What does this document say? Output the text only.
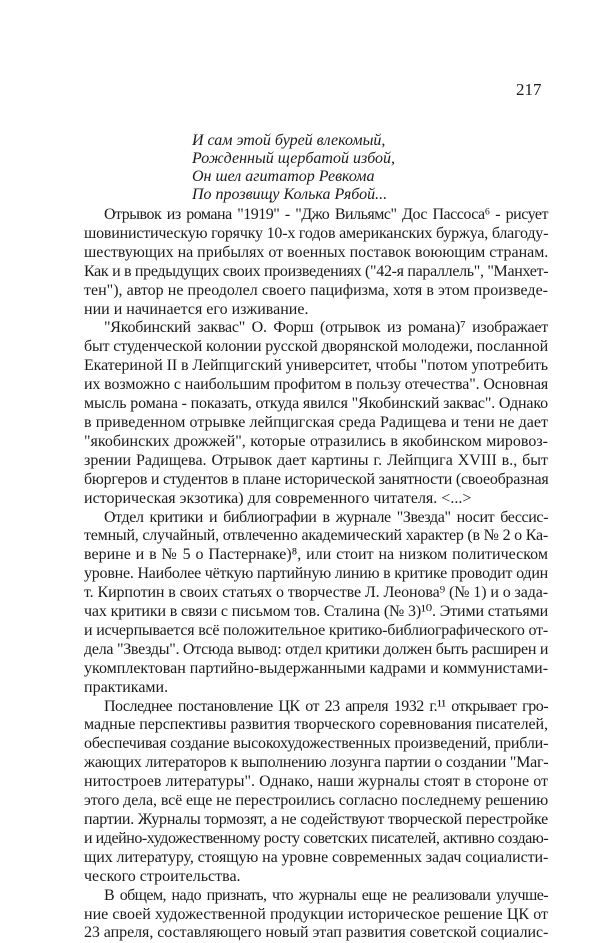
217
И сам этой бурей влекомый,
Рожденный щербатой избой,
Он шел агитатор Ревкома
По прозвищу Колька Рябой...

Отрывок из романа "1919" - "Джо Вильямс" Дос Пассоса⁶ - рисует
шовинистическую горячку 10-х годов американских буржуа, благоду-
шествующих на прибылях от военных поставок воюющим странам.
Как и в предыдущих своих произведениях ("42-я параллель", "Манхет-
тен"), автор не преодолел своего пацифизма, хотя в этом произведе-
нии и начинается его изживание.

"Якобинский заквас" О. Форш (отрывок из романа)⁷ изображает
быт студенческой колонии русской дворянской молодежи, посланной
Екатериной II в Лейпцигский университет, чтобы "потом употребить
их возможно с наибольшим профитом в пользу отечества". Основная
мысль романа - показать, откуда явился "Якобинский заквас". Однако
в приведенном отрывке лейпцигская среда Радищева и тени не дает
"якобинских дрожжей", которые отразились в якобинском мировоз-
зрении Радищева. Отрывок дает картины г. Лейпцига XVIII в., быт
бюргеров и студентов в плане исторической занятности (своеобразная
историческая экзотика) для современного читателя. <...>

Отдел критики и библиографии в журнале "Звезда" носит бессис-
темный, случайный, отвлеченно академический характер (в № 2 о Ка-
верине и в № 5 о Пастернаке)⁸, или стоит на низком политическом
уровне. Наиболее чёткую партийную линию в критике проводит один
т. Кирпотин в своих статьях о творчестве Л. Леонова⁹ (№ 1) и о зада-
чах критики в связи с письмом тов. Сталина (№ 3)¹⁰. Этими статьями
и исчерпывается всё положительное критико-библиографического от-
дела "Звезды". Отсюда вывод: отдел критики должен быть расширен и
укомплектован партийно-выдержанными кадрами и коммунистами-
практиками.

Последнее постановление ЦК от 23 апреля 1932 г.¹¹ открывает гро-
мадные перспективы развития творческого соревнования писателей,
обеспечивая создание высокохудожественных произведений, прибли-
жающих литераторов к выполнению лозунга партии о создании "Маг-
нитостроев литературы". Однако, наши журналы стоят в стороне от
этого дела, всё еще не перестроились согласно последнему решению
партии. Журналы тормозят, а не содействуют творческой перестройке
и идейно-художественному росту советских писателей, активно создаю-
щих литературу, стоящую на уровне современных задач социалисти-
ческого строительства.

В общем, надо признать, что журналы еще не реализовали улучше-
ние своей художественной продукции историческое решение ЦК от
23 апреля, составляющего новый этап развития советской социалис-
